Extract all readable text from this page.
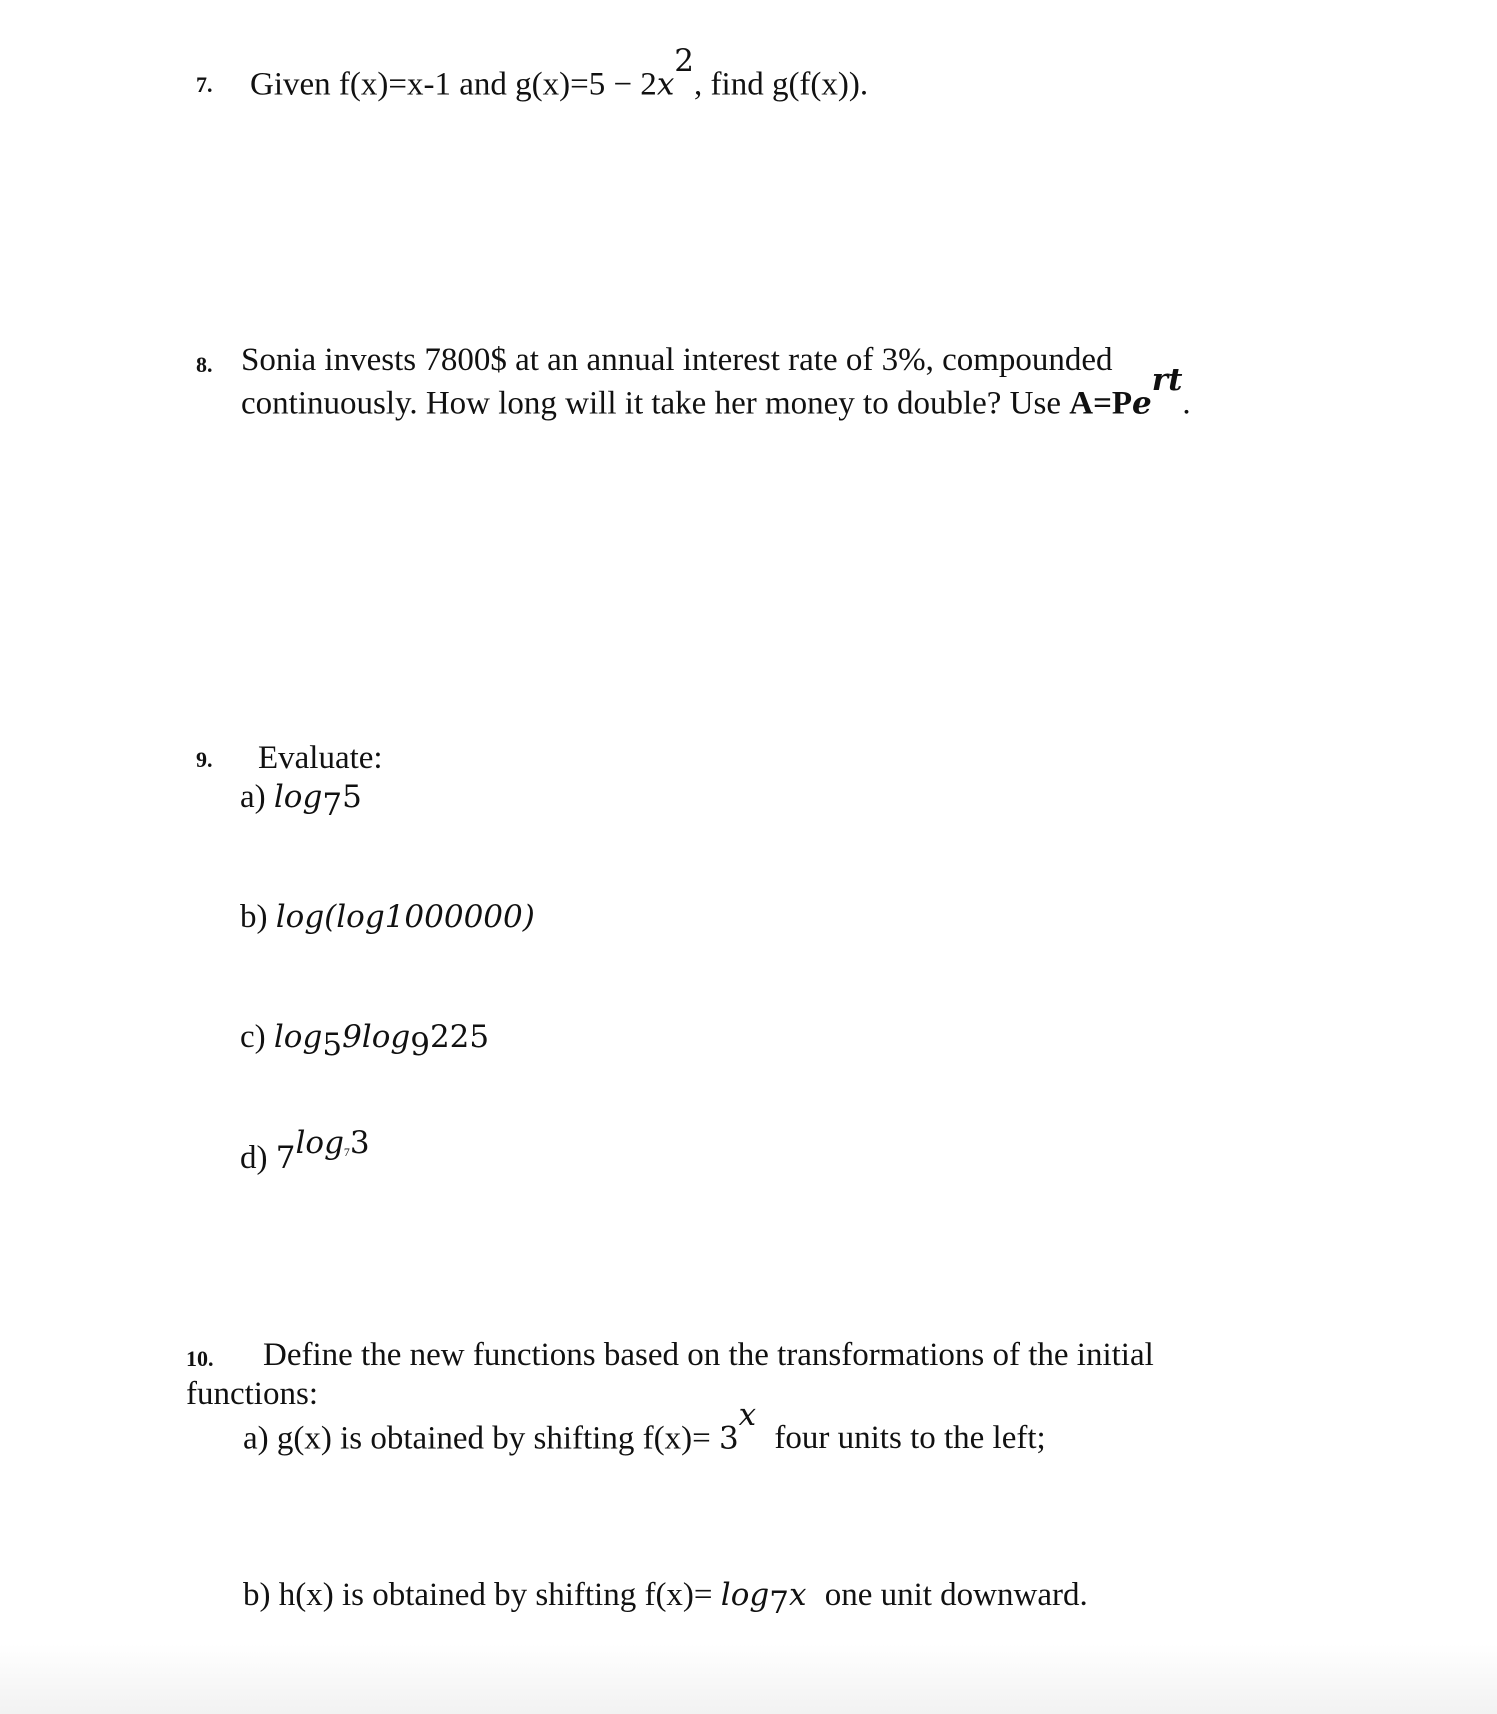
7. Given f(x)=x-1 and $g(x)=5 - 2x^2$, find g(f(x)).
8. Sonia invests 7800$ at an annual interest rate of 3%, compounded
continuously. How long will it take her money to double? Use $A=Pe^{rt}$.
9. Evaluate:
a) $\log_75$
b) log(log1000000)
c) $\log_59\log_9225$
d) $7^{log_73}$
10. Define the new functions based on the transformations of the initial
functions:
a) g(x) is obtained by shifting $f(x)= 3^x$ four units to the left;
b) h(x) is obtained by shifting $f(x)= \log_7x$ one unit downward.
